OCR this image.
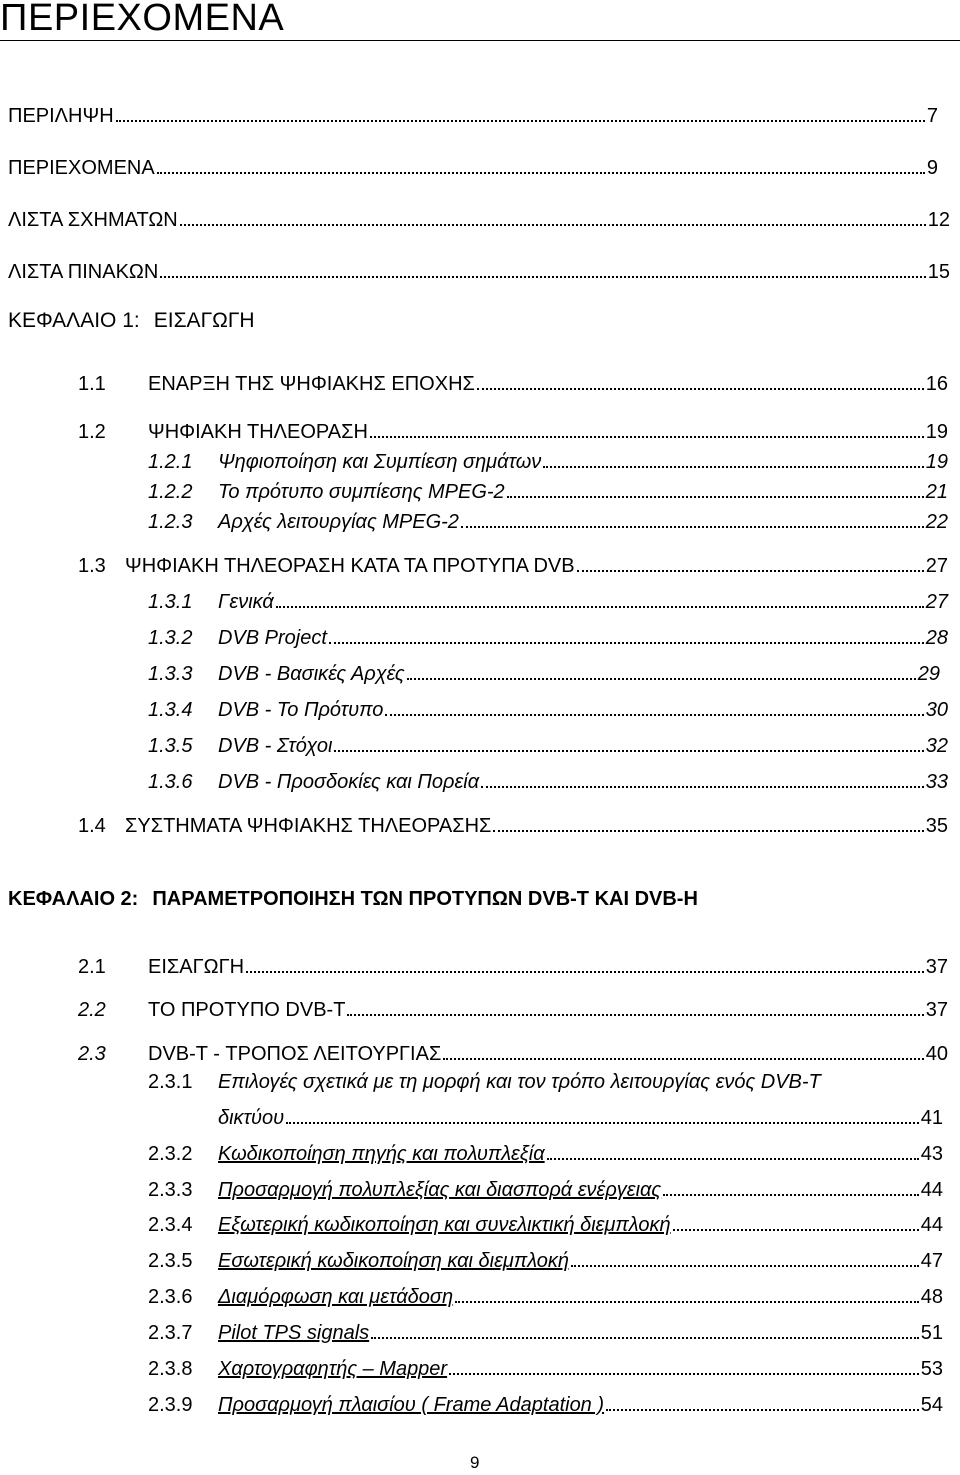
ΠΕΡΙΕΧΟΜΕΝΑ
ΠΕΡΙΛΗΨΗ	7
ΠΕΡΙΕΧΟΜΕΝΑ	9
ΛΙΣΤΑ ΣΧΗΜΑΤΩΝ	12
ΛΙΣΤΑ ΠΙΝΑΚΩΝ	15
ΚΕΦΑΛΑΙΟ 1: ΕΙΣΑΓΩΓΗ
1.1	ΕΝΑΡΞΗ ΤΗΣ ΨΗΦΙΑΚΗΣ ΕΠΟΧΗΣ	16
1.2	ΨΗΦΙΑΚΗ ΤΗΛΕΟΡΑΣΗ	19
1.2.1	Ψηφιοποίηση και Συμπίεση σημάτων	19
1.2.2	Το πρότυπο συμπίεσης MPEG-2	21
1.2.3	Αρχές λειτουργίας MPEG-2	22
1.3 ΨΗΦΙΑΚΗ ΤΗΛΕΟΡΑΣΗ ΚΑΤΑ ΤΑ ΠΡΟΤΥΠΑ DVB	27
1.3.1	Γενικά	27
1.3.2	DVB Project	28
1.3.3	DVB - Βασικές Αρχές	29
1.3.4	DVB - Το Πρότυπο	30
1.3.5	DVB - Στόχοι	32
1.3.6	DVB - Προσδοκίες και Πορεία	33
1.4 ΣΥΣΤΗΜΑΤΑ ΨΗΦΙΑΚΗΣ ΤΗΛΕΟΡΑΣΗΣ	35
ΚΕΦΑΛΑΙΟ 2: ΠΑΡΑΜΕΤΡΟΠΟΙΗΣΗ ΤΩΝ ΠΡΟΤΥΠΩΝ DVB-T ΚΑΙ DVB-H
2.1	ΕΙΣΑΓΩΓΗ	37
2.2	ΤΟ ΠΡΟΤΥΠΟ DVB-T	37
2.3	DVB-T - ΤΡΟΠΟΣ ΛΕΙΤΟΥΡΓΙΑΣ	40
2.3.1	Επιλογές σχετικά με τη μορφή και τον τρόπο λειτουργίας ενός DVB-T
δικτύου	41
2.3.2	Κωδικοποίηση πηγής και πολυπλεξία	43
2.3.3	Προσαρμογή πολυπλεξίας και διασπορά ενέργειας	44
2.3.4	Εξωτερική κωδικοποίηση και συνελικτική διεμπλοκή	44
2.3.5	Εσωτερική κωδικοποίηση και διεμπλοκή	47
2.3.6	Διαμόρφωση και μετάδοση	48
2.3.7	Pilot TPS signals	51
2.3.8	Χαρτογραφητής – Mapper	53
2.3.9	Προσαρμογή πλαισίου ( Frame Adaptation )	54
9
